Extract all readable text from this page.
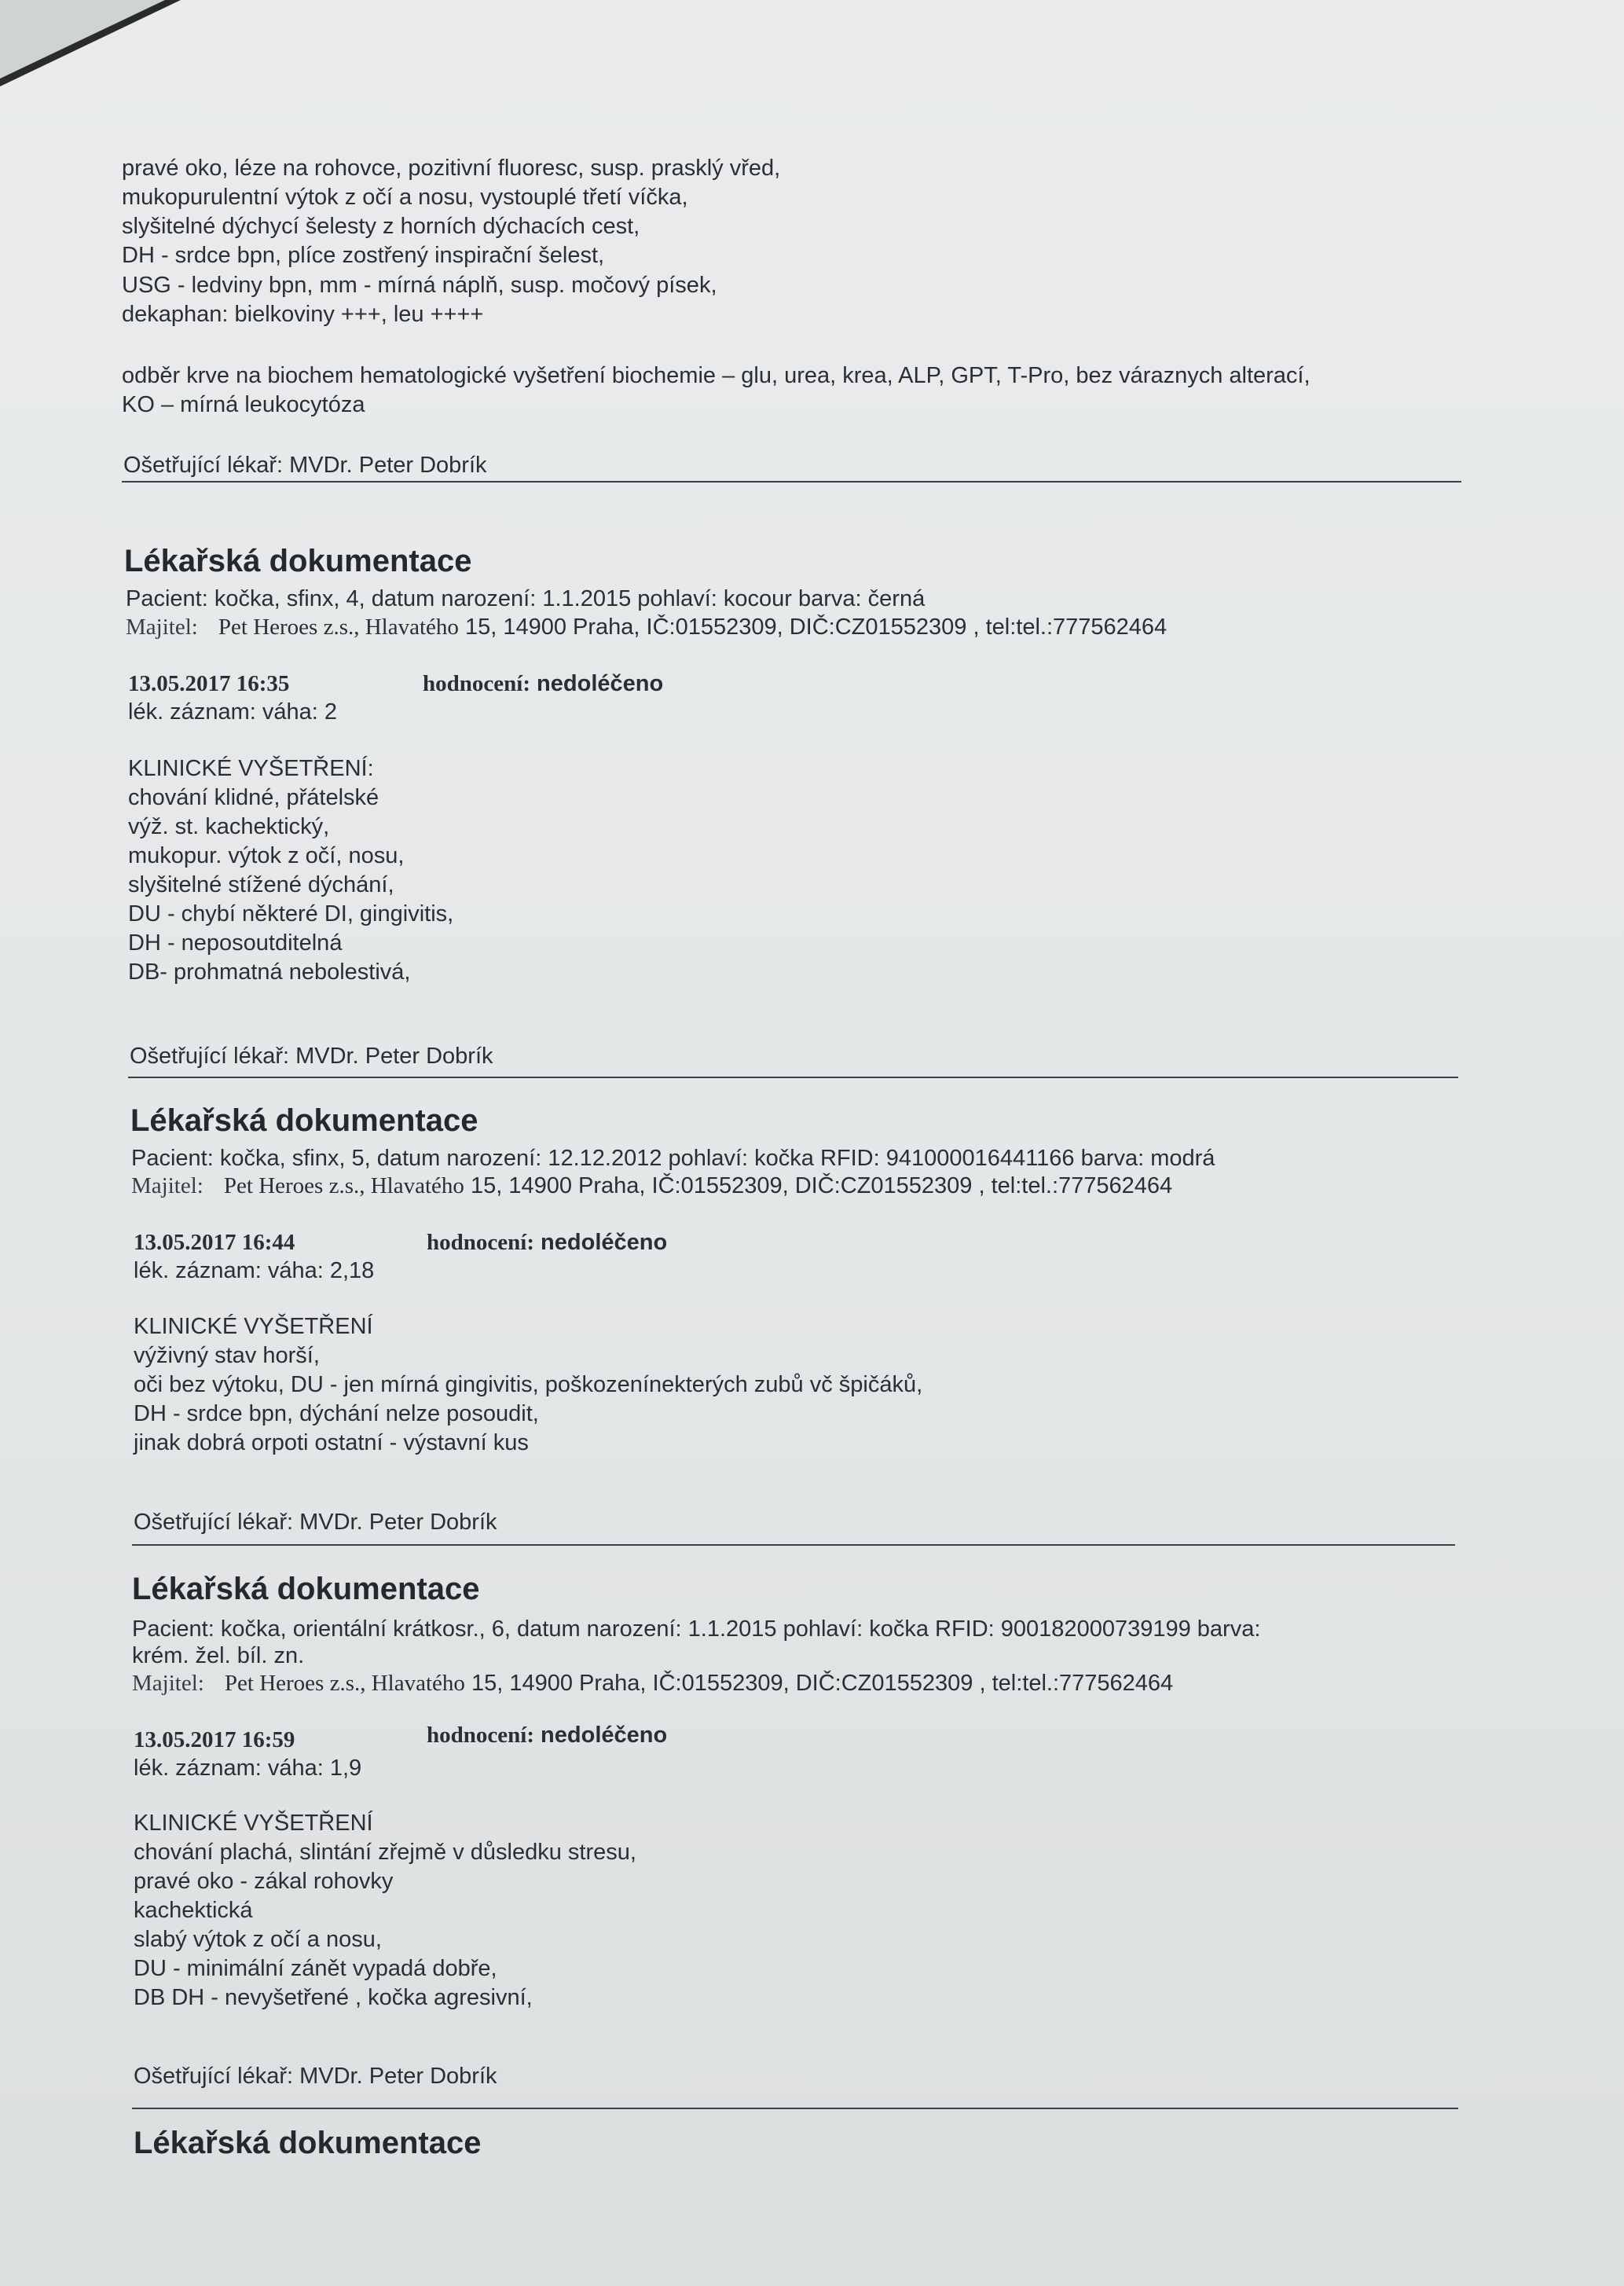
pravé oko, léze na rohovce, pozitivní fluoresc, susp. prasklý vřed,
mukopurulentní výtok z očí a nosu, vystouplé třetí víčka,
slyšitelné dýchycí šelesty z horních dýchacích cest,
DH - srdce bpn, plíce zostřený inspirační šelest,
USG - ledviny bpn, mm - mírná náplň, susp. močový písek,
dekaphan: bielkoviny +++, leu ++++
odběr krve na biochem hematologické vyšetření biochemie – glu, urea, krea, ALP, GPT, T-Pro, bez váraznych alterací,
KO – mírná leukocytóza
Ošetřující lékař: MVDr. Peter Dobrík
Lékařská dokumentace
Pacient: kočka, sfinx, 4, datum narození: 1.1.2015 pohlaví: kocour barva: černá
Majitel: Pet Heroes z.s., Hlavatého 15, 14900 Praha, IČ:01552309, DIČ:CZ01552309 , tel:tel.:777562464
13.05.2017 16:35	hodnocení: nedoléčeno
lék. záznam: váha: 2
KLINICKÉ VYŠETŘENÍ:
chování klidné, přátelské
výž. st. kachektický,
mukopur. výtok z očí, nosu,
slyšitelné stížené dýchání,
DU - chybí některé DI, gingivitis,
DH - neposoutditelná
DB- prohmatná nebolestivá,
Ošetřující lékař: MVDr. Peter Dobrík
Lékařská dokumentace
Pacient: kočka, sfinx, 5, datum narození: 12.12.2012 pohlaví: kočka RFID: 941000016441166 barva: modrá
Majitel: Pet Heroes z.s., Hlavatého 15, 14900 Praha, IČ:01552309, DIČ:CZ01552309 , tel:tel.:777562464
13.05.2017 16:44	hodnocení: nedoléčeno
lék. záznam: váha: 2,18
KLINICKÉ VYŠETŘENÍ
výživný stav horší,
oči bez výtoku, DU - jen mírná gingivitis, poškozenínekterých zubů vč špičáků,
DH - srdce bpn, dýchání nelze posoudit,
jinak dobrá orpoti ostatní - výstavní kus
Ošetřující lékař: MVDr. Peter Dobrík
Lékařská dokumentace
Pacient: kočka, orientální krátkosr., 6, datum narození: 1.1.2015 pohlaví: kočka RFID: 900182000739199 barva:
krém. žel. bíl. zn.
Majitel: Pet Heroes z.s., Hlavatého 15, 14900 Praha, IČ:01552309, DIČ:CZ01552309 , tel:tel.:777562464
13.05.2017 16:59	hodnocení: nedoléčeno
lék. záznam: váha: 1,9
KLINICKÉ VYŠETŘENÍ
chování plachá, slintání zřejmě v důsledku stresu,
pravé oko - zákal rohovky
kachektická
slabý výtok z očí a nosu,
DU - minimální zánět vypadá dobře,
DB DH - nevyšetřené , kočka agresivní,
Ošetřující lékař: MVDr. Peter Dobrík
Lékařská dokumentace
